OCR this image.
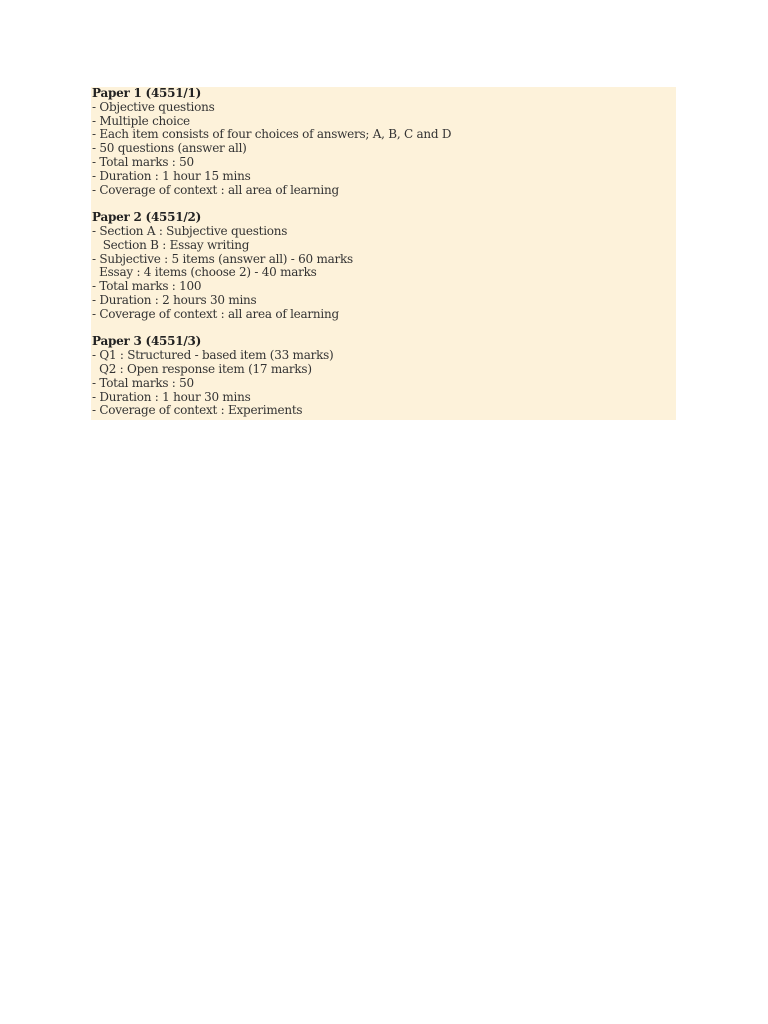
Paper 1 (4551/1)
- Objective questions
- Multiple choice
- Each item consists of four choices of answers; A, B, C and D
- 50 questions (answer all)
- Total marks : 50
- Duration : 1 hour 15 mins
- Coverage of context : all area of learning
Paper 2 (4551/2)
- Section A : Subjective questions
Section B : Essay writing
- Subjective : 5 items (answer all) - 60 marks
Essay : 4 items (choose 2) - 40 marks
- Total marks : 100
- Duration : 2 hours 30 mins
- Coverage of context : all area of learning
Paper 3 (4551/3)
- Q1 : Structured - based item (33 marks)
Q2 : Open response item (17 marks)
- Total marks : 50
- Duration : 1 hour 30 mins
- Coverage of context : Experiments
